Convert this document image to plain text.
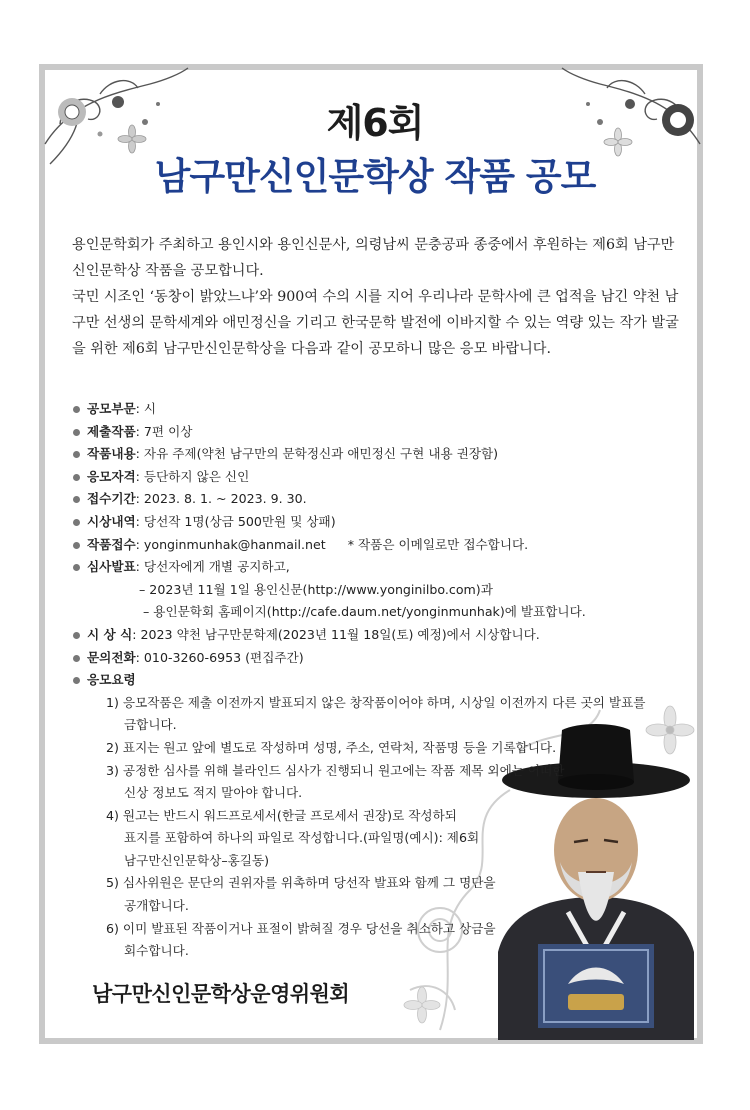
제6회
남구만신인문학상 작품 공모

용인문학회가 주최하고 용인시와 용인신문사, 의령남씨 문충공파 종중에서 후원하는 제6회 남구만신인문학상 작품을 공모합니다.

국민 시조인 ‘동창이 밝았느냐’와 900여 수의 시를 지어 우리나라 문학사에 큰 업적을 남긴 약천 남구만 선생의 문학세계와 애민정신을 기리고 한국문학 발전에 이바지할 수 있는 역량 있는 작가 발굴을 위한 제6회 남구만신인문학상을 다음과 같이 공모하니 많은 응모 바랍니다.

공모부문: 시
제출작품: 7편 이상
작품내용: 자유 주제(약천 남구만의 문학정신과 애민정신 구현 내용 권장함)
응모자격: 등단하지 않은 신인
접수기간: 2023. 8. 1. ~ 2023. 9. 30.
시상내역: 당선작 1명(상금 500만원 및 상패)
작품접수: yonginmunhak@hanmail.net * 작품은 이메일로만 접수합니다.
심사발표: 당선자에게 개별 공지하고,
– 2023년 11월 1일 용인신문(http://www.yonginilbo.com)과
– 용인문학회 홈페이지(http://cafe.daum.net/yonginmunhak)에 발표합니다.
시 상 식: 2023 약천 남구만문학제(2023년 11월 18일(토) 예정)에서 시상합니다.
문의전화: 010-3260-6953 (편집주간)
응모요령
1) 응모작품은 제출 이전까지 발표되지 않은 창작품이어야 하며, 시상일 이전까지 다른 곳의 발표를
금합니다.
2) 표지는 원고 앞에 별도로 작성하며 성명, 주소, 연락처, 작품명 등을 기록합니다.
3) 공정한 심사를 위해 블라인드 심사가 진행되니 원고에는 작품 제목 외에는 어떠한
신상 정보도 적지 말아야 합니다.
4) 원고는 반드시 워드프로세서(한글 프로세서 권장)로 작성하되
표지를 포함하여 하나의 파일로 작성합니다.(파일명(예시): 제6회
남구만신인문학상–홍길동)
5) 심사위원은 문단의 권위자를 위촉하며 당선작 발표와 함께 그 명단을
공개합니다.
6) 이미 발표된 작품이거나 표절이 밝혀질 경우 당선을 취소하고 상금을
회수합니다.
남구만신인문학상운영위원회
